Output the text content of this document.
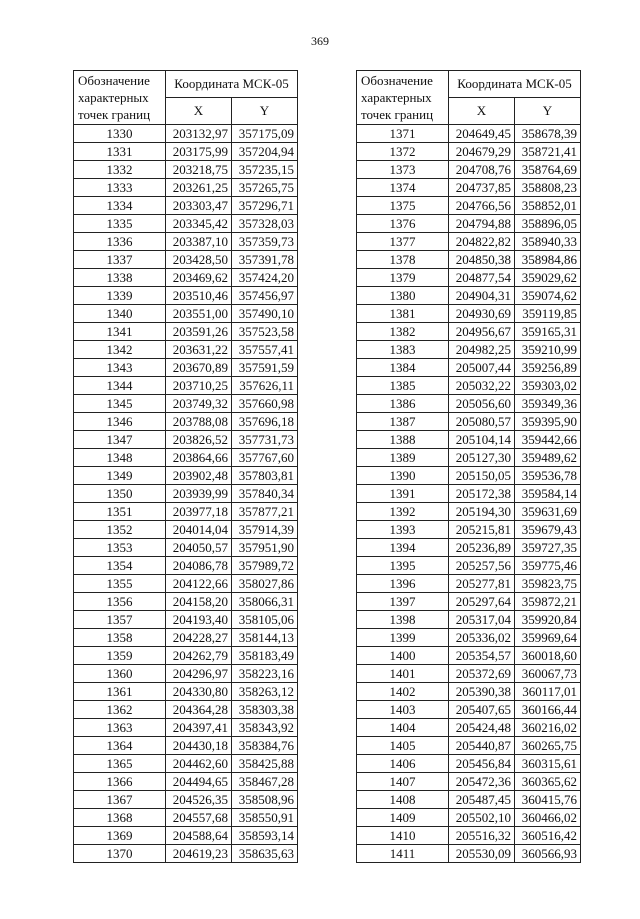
369
Обозначение характерных точек границ	Координата МСК-05	
	X	Y
1330	203132,97	357175,09
1331	203175,99	357204,94
1332	203218,75	357235,15
1333	203261,25	357265,75
1334	203303,47	357296,71
1335	203345,42	357328,03
1336	203387,10	357359,73
1337	203428,50	357391,78
1338	203469,62	357424,20
1339	203510,46	357456,97
1340	203551,00	357490,10
1341	203591,26	357523,58
1342	203631,22	357557,41
1343	203670,89	357591,59
1344	203710,25	357626,11
1345	203749,32	357660,98
1346	203788,08	357696,18
1347	203826,52	357731,73
1348	203864,66	357767,60
1349	203902,48	357803,81
1350	203939,99	357840,34
1351	203977,18	357877,21
1352	204014,04	357914,39
1353	204050,57	357951,90
1354	204086,78	357989,72
1355	204122,66	358027,86
1356	204158,20	358066,31
1357	204193,40	358105,06
1358	204228,27	358144,13
1359	204262,79	358183,49
1360	204296,97	358223,16
1361	204330,80	358263,12
1362	204364,28	358303,38
1363	204397,41	358343,92
1364	204430,18	358384,76
1365	204462,60	358425,88
1366	204494,65	358467,28
1367	204526,35	358508,96
1368	204557,68	358550,91
1369	204588,64	358593,14
1370	204619,23	358635,63
Обозначение характерных точек границ	Координата МСК-05	
	X	Y
1371	204649,45	358678,39
1372	204679,29	358721,41
1373	204708,76	358764,69
1374	204737,85	358808,23
1375	204766,56	358852,01
1376	204794,88	358896,05
1377	204822,82	358940,33
1378	204850,38	358984,86
1379	204877,54	359029,62
1380	204904,31	359074,62
1381	204930,69	359119,85
1382	204956,67	359165,31
1383	204982,25	359210,99
1384	205007,44	359256,89
1385	205032,22	359303,02
1386	205056,60	359349,36
1387	205080,57	359395,90
1388	205104,14	359442,66
1389	205127,30	359489,62
1390	205150,05	359536,78
1391	205172,38	359584,14
1392	205194,30	359631,69
1393	205215,81	359679,43
1394	205236,89	359727,35
1395	205257,56	359775,46
1396	205277,81	359823,75
1397	205297,64	359872,21
1398	205317,04	359920,84
1399	205336,02	359969,64
1400	205354,57	360018,60
1401	205372,69	360067,73
1402	205390,38	360117,01
1403	205407,65	360166,44
1404	205424,48	360216,02
1405	205440,87	360265,75
1406	205456,84	360315,61
1407	205472,36	360365,62
1408	205487,45	360415,76
1409	205502,10	360466,02
1410	205516,32	360516,42
1411	205530,09	360566,93
